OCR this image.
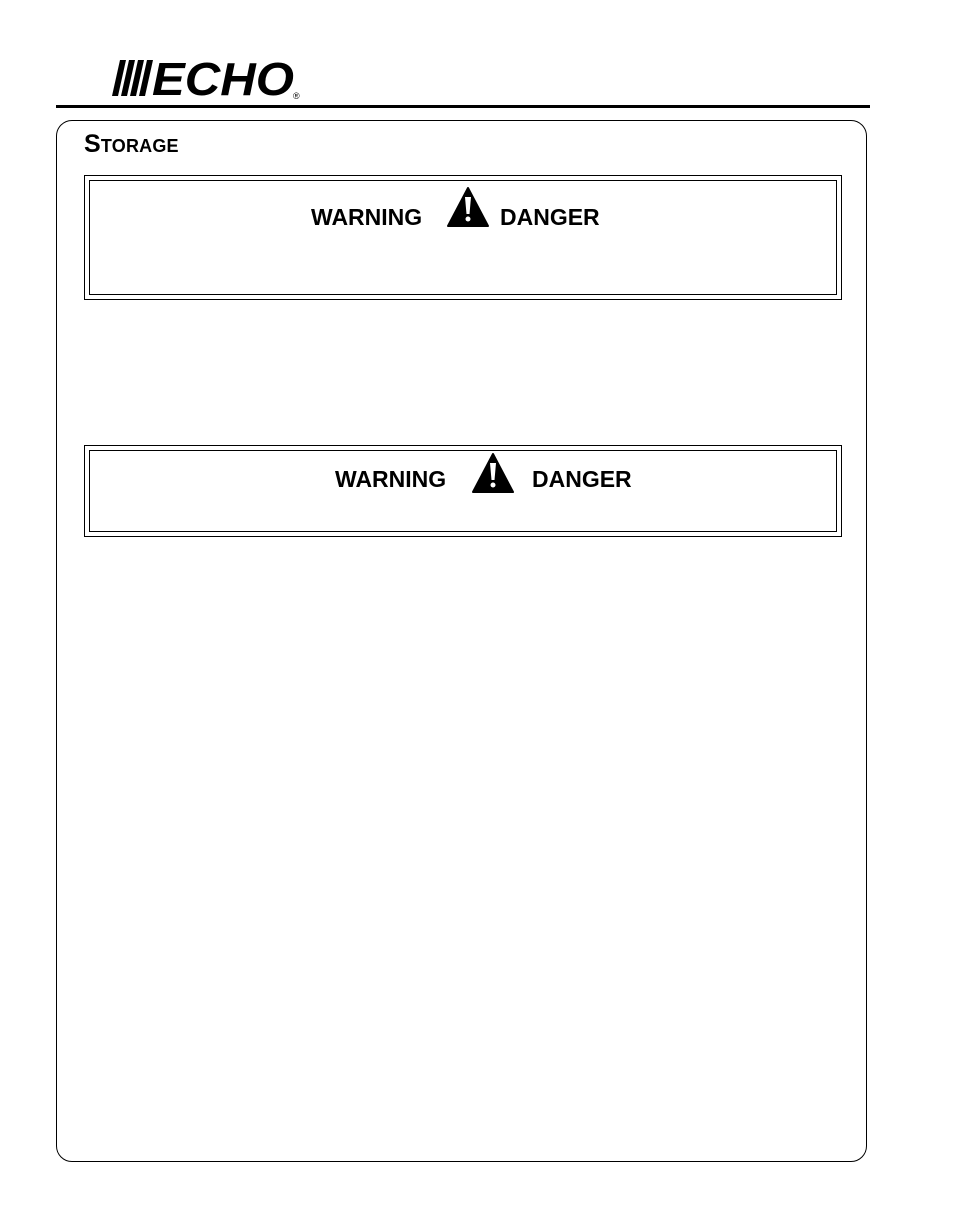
ECHO
®
Storage
WARNING	DANGER
WARNING	DANGER
